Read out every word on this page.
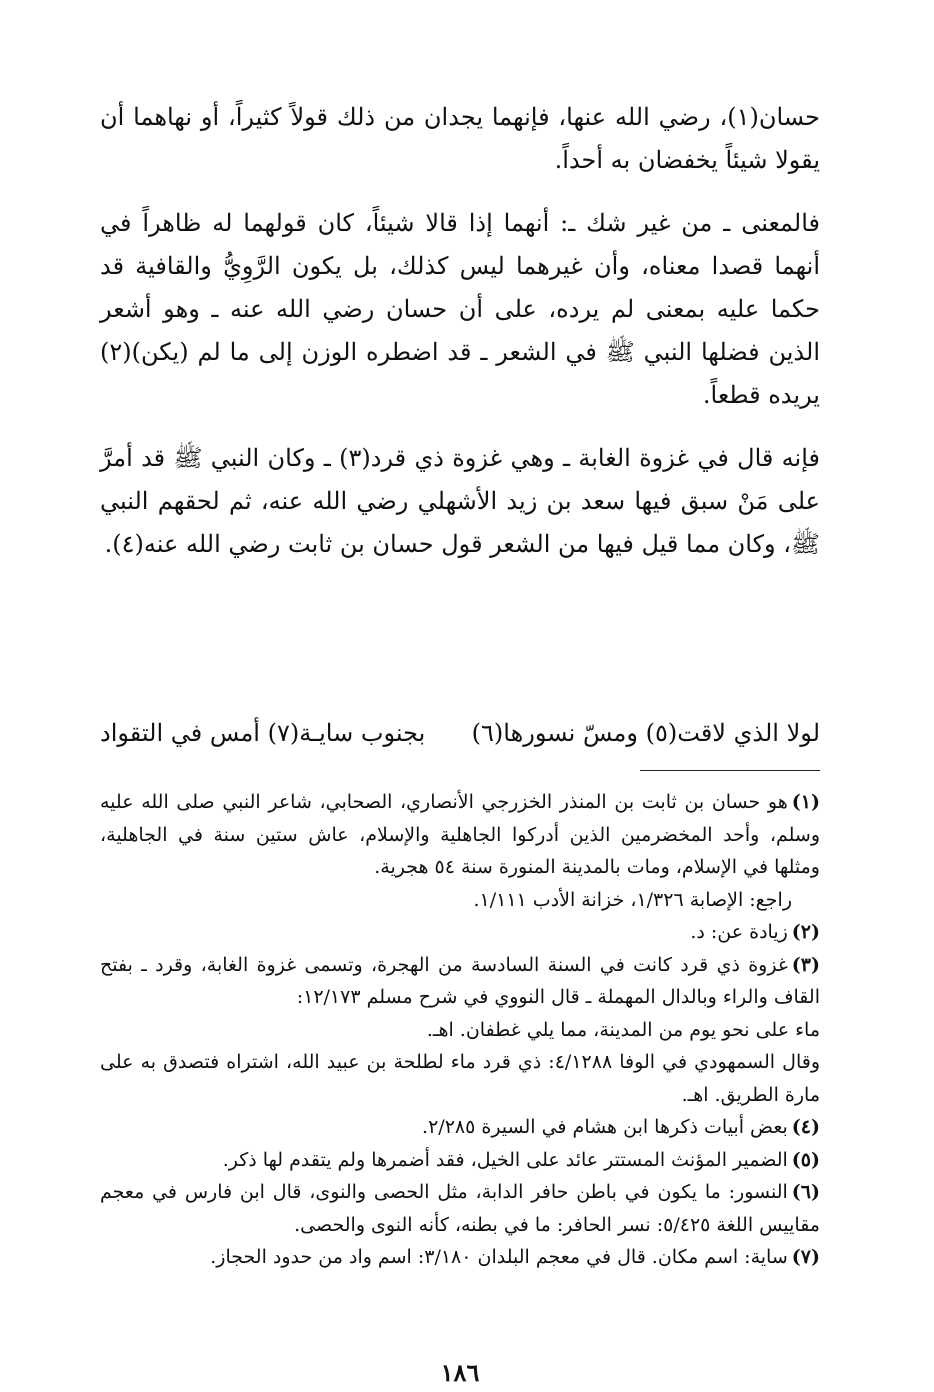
حسان(١)، رضي الله عنها، فإنهما يجدان من ذلك قولاً كثيراً، أو نهاهما أن يقولا شيئاً يخفضان به أحداً.

فالمعنى ـ من غير شك ـ: أنهما إذا قالا شيئاً، كان قولهما له ظاهراً في أنهما قصدا معناه، وأن غيرهما ليس كذلك، بل يكون الرَّوِيُّ والقافية قد حكما عليه بمعنى لم يرده، على أن حسان رضي الله عنه ـ وهو أشعر الذين فضلها النبي ﷺ في الشعر ـ قد اضطره الوزن إلى ما لم (يكن)(٢) يريده قطعاً.

فإنه قال في غزوة الغابة ـ وهي غزوة ذي قرد(٣) ـ وكان النبي ﷺ قد أمرَّ على مَنْ سبق فيها سعد بن زيد الأشهلي رضي الله عنه، ثم لحقهم النبي ﷺ، وكان مما قيل فيها من الشعر قول حسان بن ثابت رضي الله عنه(٤).

لولا الذي لاقت(٥) ومسّ نسورها(٦)
بجنوب سايـة(٧) أمس في التقواد

(١)هو حسان بن ثابت بن المنذر الخزرجي الأنصاري، الصحابي، شاعر النبي صلى الله عليه وسلم، وأحد المخضرمين الذين أدركوا الجاهلية والإسلام، عاش ستين سنة في الجاهلية، ومثلها في الإسلام، ومات بالمدينة المنورة سنة ٥٤ هجرية.

راجع: الإصابة ١/٣٢٦، خزانة الأدب ١/١١١.

(٢)زيادة عن: د.

(٣)غزوة ذي قرد كانت في السنة السادسة من الهجرة، وتسمى غزوة الغابة، وقرد ـ بفتح القاف والراء وبالدال المهملة ـ قال النووي في شرح مسلم ١٢/١٧٣:

ماء على نحو يوم من المدينة، مما يلي غطفان. اهـ.

وقال السمهودي في الوفا ٤/١٢٨٨: ذي قرد ماء لطلحة بن عبيد الله، اشتراه فتصدق به على مارة الطريق. اهـ.

(٤)بعض أبيات ذكرها ابن هشام في السيرة ٢/٢٨٥.

(٥)الضمير المؤنث المستتر عائد على الخيل، فقد أضمرها ولم يتقدم لها ذكر.

(٦)النسور: ما يكون في باطن حافر الدابة، مثل الحصى والنوى، قال ابن فارس في معجم مقاييس اللغة ٥/٤٢٥: نسر الحافر: ما في بطنه، كأنه النوى والحصى.

(٧)ساية: اسم مكان. قال في معجم البلدان ٣/١٨٠: اسم واد من حدود الحجاز.

١٨٦
